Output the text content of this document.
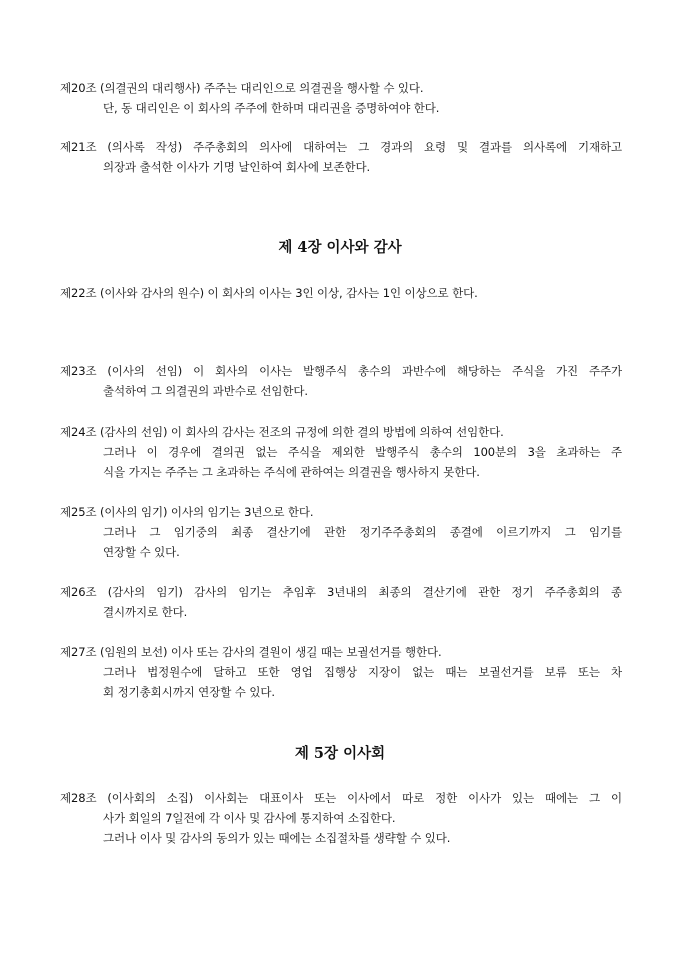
제20조 (의결권의 대리행사) 주주는 대리인으로 의결권을 행사할 수 있다.
단, 동 대리인은 이 회사의 주주에 한하며 대리권을 증명하여야 한다.
제21조 (의사록 작성) 주주총회의 의사에 대하여는 그 경과의 요령 및 결과를 의사록에 기재하고
의장과 출석한 이사가 기명 날인하여 회사에 보존한다.
제 4장 이사와 감사
제22조 (이사와 감사의 원수) 이 회사의 이사는 3인 이상, 감사는 1인 이상으로 한다.
제23조 (이사의 선임) 이 회사의 이사는 발행주식 총수의 과반수에 해당하는 주식을 가진 주주가
출석하여 그 의결권의 과반수로 선임한다.
제24조 (감사의 선임) 이 회사의 감사는 전조의 규정에 의한 결의 방법에 의하여 선임한다.
그러나 이 경우에 결의권 없는 주식을 제외한 발행주식 총수의 100분의 3을 초과하는 주
식을 가지는 주주는 그 초과하는 주식에 관하여는 의결권을 행사하지 못한다.
제25조 (이사의 임기) 이사의 임기는 3년으로 한다.
그러나 그 임기중의 최종 결산기에 관한 정기주주총회의 종결에 이르기까지 그 임기를
연장할 수 있다.
제26조 (감사의 임기) 감사의 임기는 추임후 3년내의 최종의 결산기에 관한 정기 주주총회의 종
결시까지로 한다.
제27조 (임원의 보선) 이사 또는 감사의 결원이 생길 때는 보궐선거를 행한다.
그러나 법정원수에 달하고 또한 영업 집행상 지장이 없는 때는 보궐선거를 보류 또는 차
회 정기총회시까지 연장할 수 있다.
제 5장 이사회
제28조 (이사회의 소집) 이사회는 대표이사 또는 이사에서 따로 정한 이사가 있는 때에는 그 이
사가 회일의 7일전에 각 이사 및 감사에 통지하여 소집한다.
그러나 이사 및 감사의 동의가 있는 때에는 소집절차를 생략할 수 있다.
